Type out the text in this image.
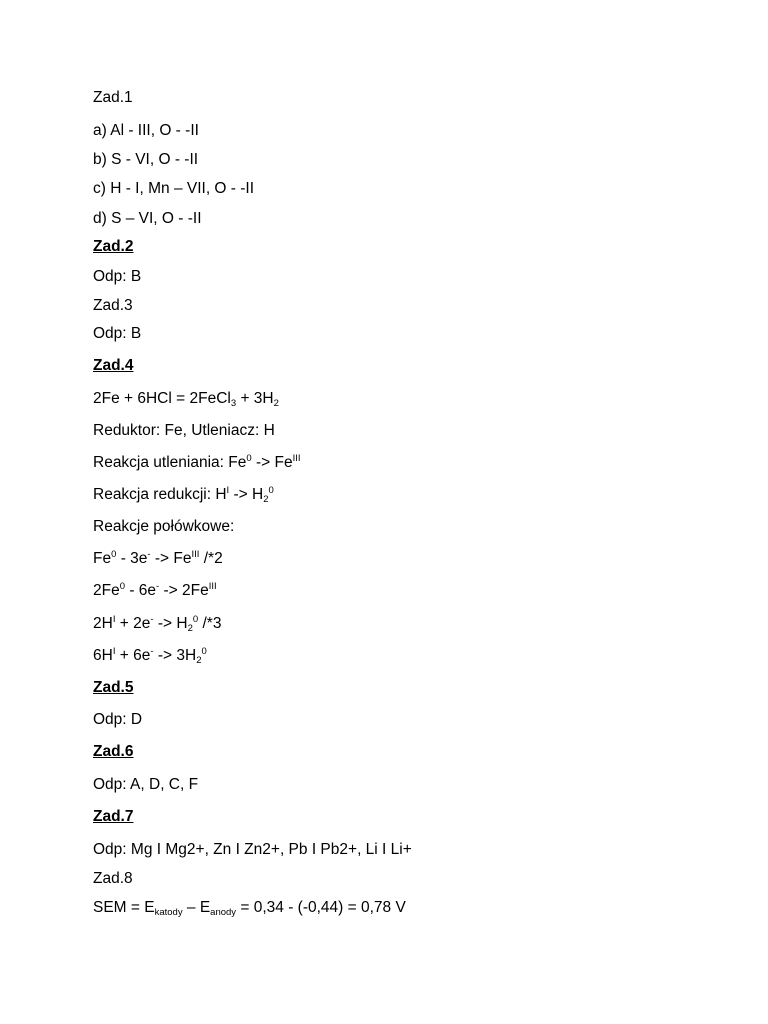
Zad.1
a) Al - III, O - -II
b) S - VI, O - -II
c) H - I, Mn – VII, O - -II
d) S – VI, O - -II
Zad.2
Odp: B
Zad.3
Odp: B
Zad.4
2Fe + 6HCl = 2FeCl$_3$ + $3H_2$
Reduktor: Fe, Utleniacz: H
Reakcja utleniania: $Fe^0 -> Fe^{III}$
Reakcja redukcji: $H^I -> H_2^0$
Reakcje połówkowe:
$Fe^0 - 3e^- -> Fe^{III}$ /*2
$2Fe^0 - 6e^- -> 2Fe^{III}$
$2H^I + 2e^- -> H_2^0$ /*3
$6H^I + 6e^- -> 3H_2^0$
Zad.5
Odp: D
Zad.6
Odp: A, D, C, F
Zad.7
Odp: Mg I Mg2+, Zn I Zn2+, Pb I Pb2+, Li I Li+
Zad.8
SEM = $E_{katody} - E_{anody} = 0,34 - (-0,44) = 0,78$ V
